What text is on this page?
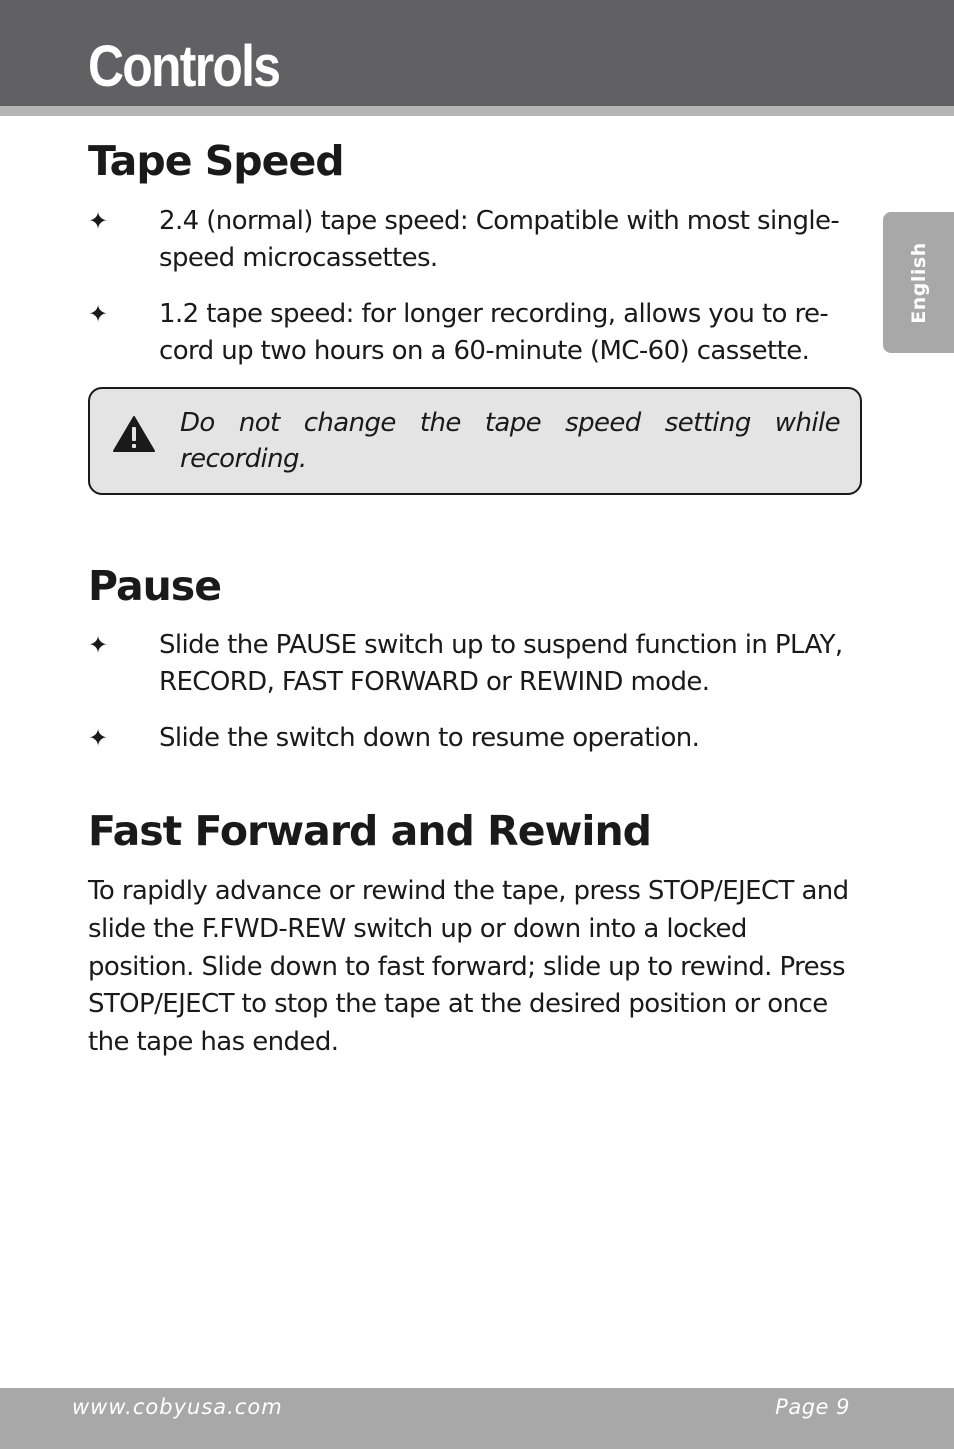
Controls
English
Tape Speed
✦ 2.4 (normal) tape speed: Compatible with most single-speed microcassettes.

✦ 1.2 tape speed: for longer recording, allows you to re-cord up two hours on a 60-minute (MC-60) cassette.

Pause
✦ Slide the PAUSE switch up to suspend function in PLAY, RECORD, FAST FORWARD or REWIND mode.

✦ Slide the switch down to resume operation.

Fast Forward and Rewind

To rapidly advance or rewind the tape, press STOP/EJECT and slide the F.FWD-REW switch up or down into a locked position. Slide down to fast forward; slide up to rewind. Press STOP/EJECT to stop the tape at the desired position or once the tape has ended.

Do not change the tape speed setting while recording.

www.cobyusa.com	Page 9
